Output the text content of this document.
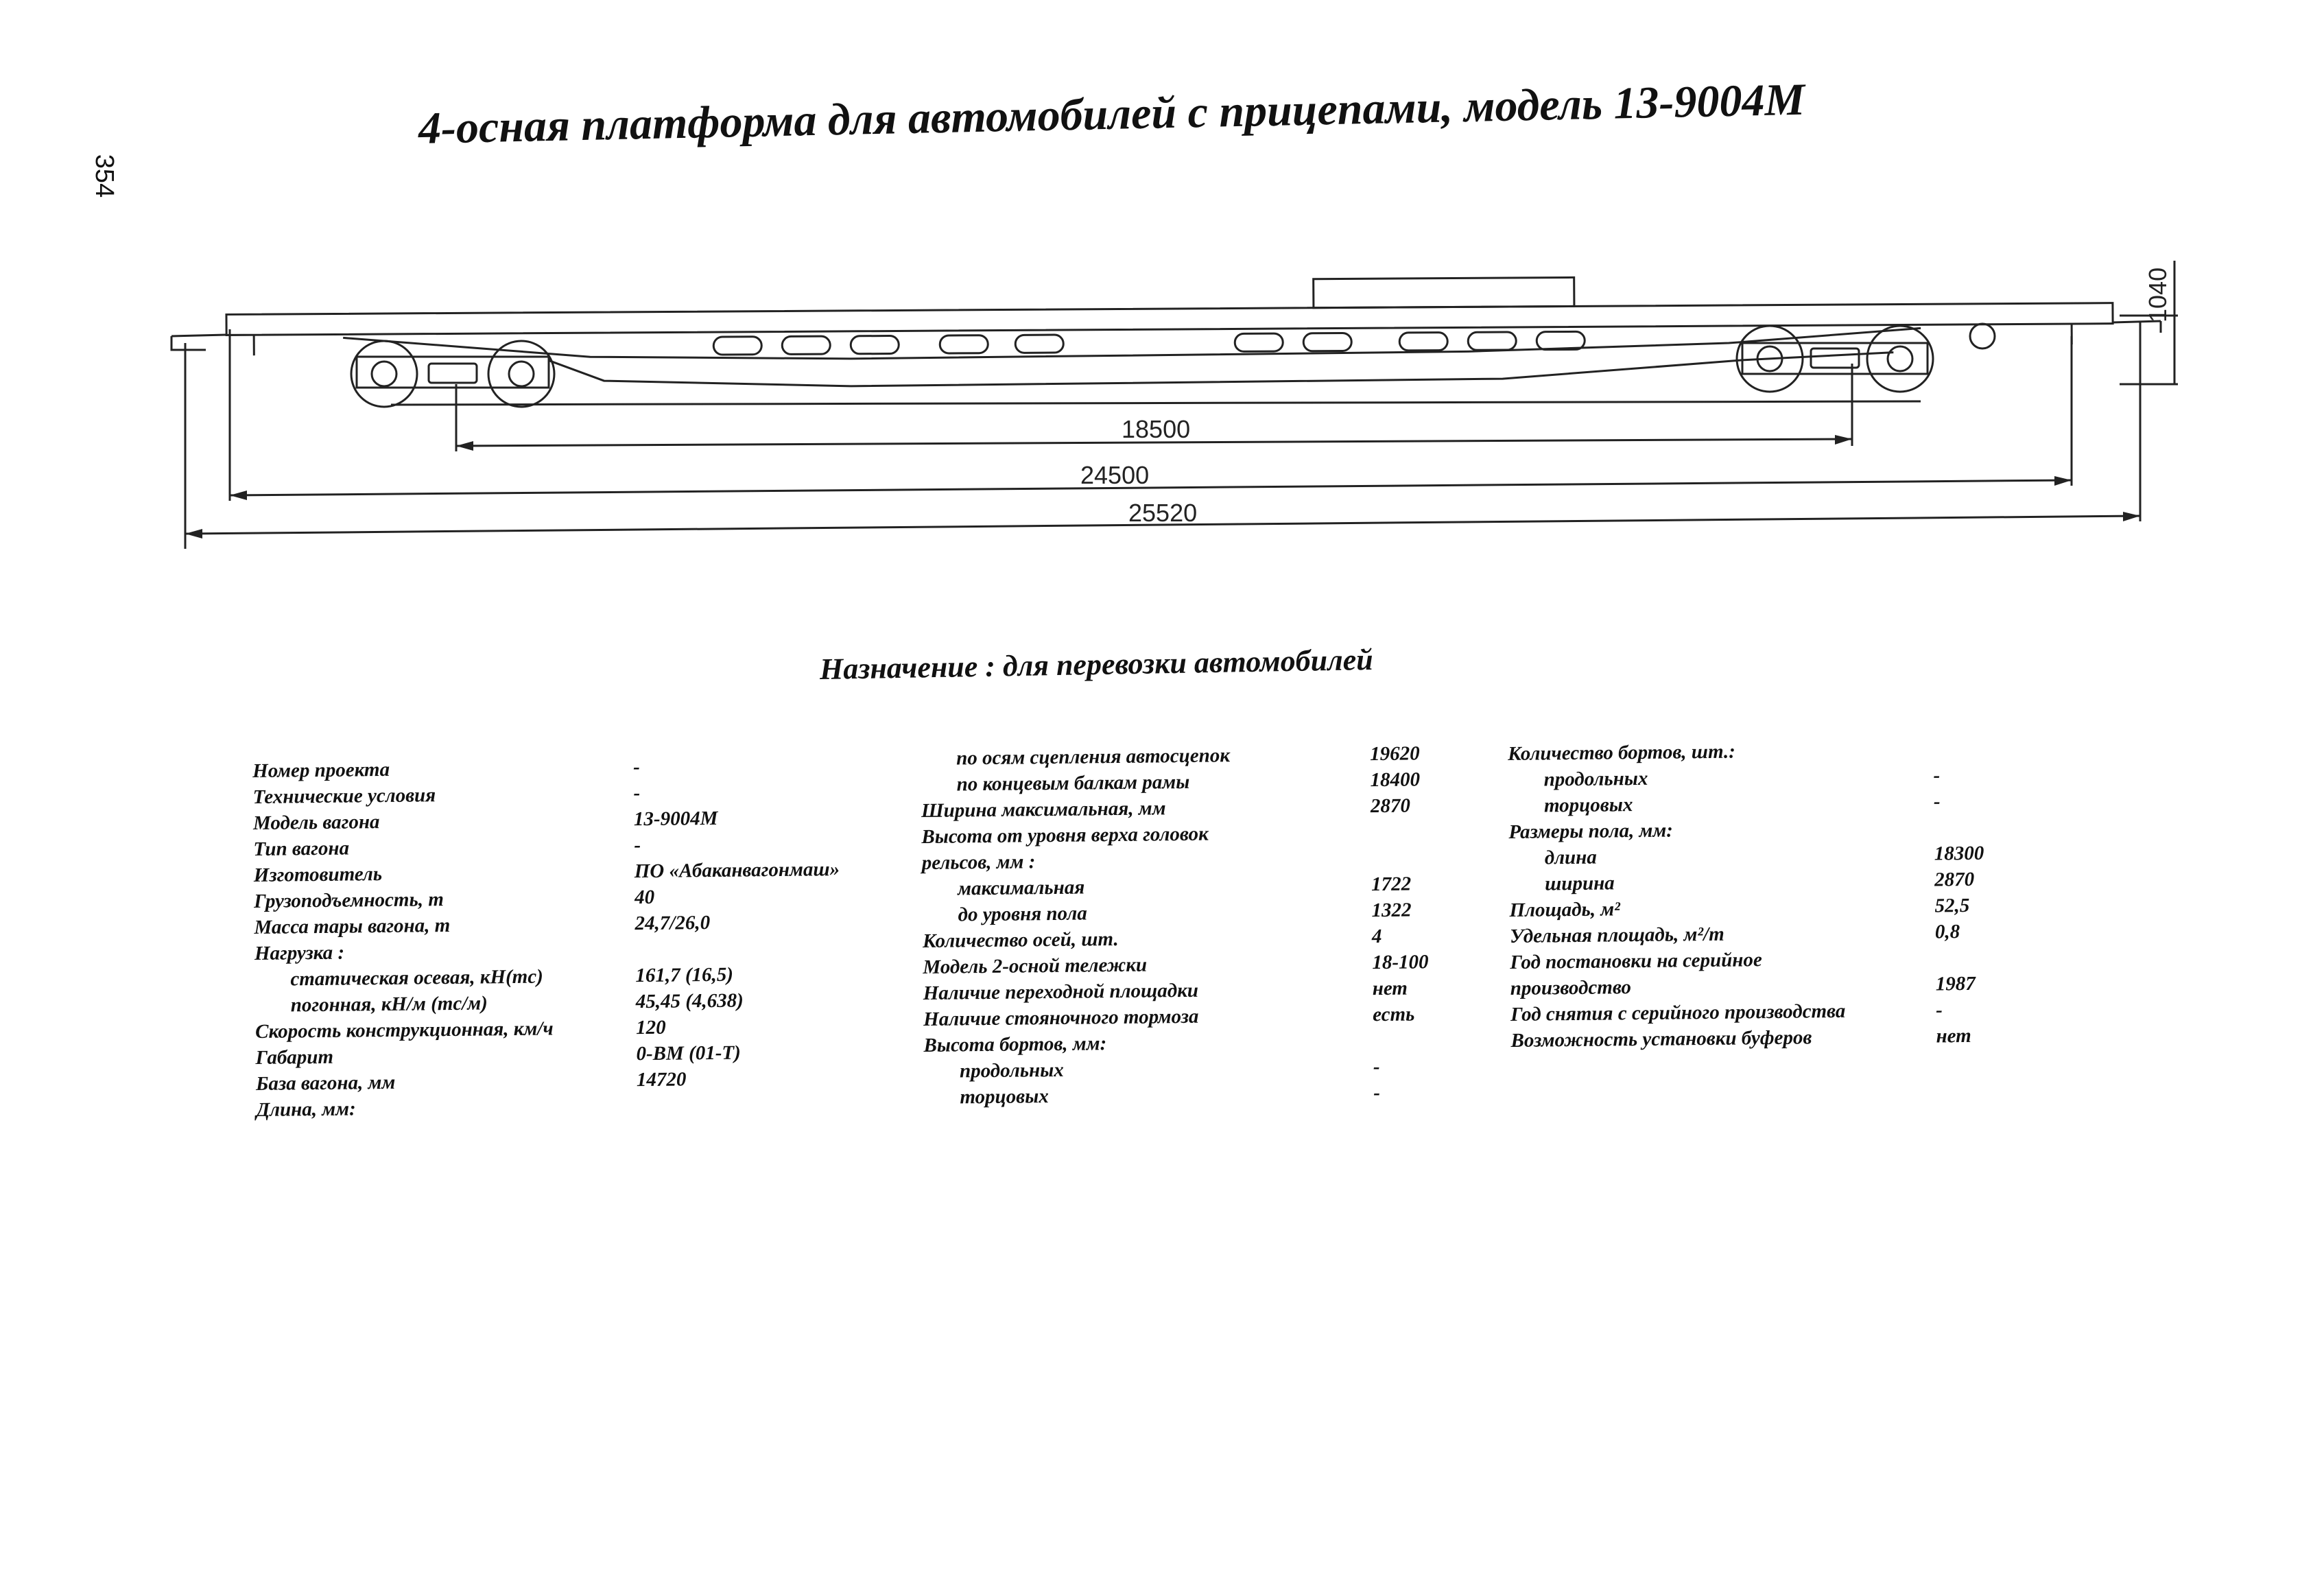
354
4-осная платформа для автомобилей с прицепами, модель 13-9004М
18500
24500
25520
1040
Назначение : для перевозки автомобилей
Номер проекта	-
Технические условия	-
Модель вагона	13-9004М
Тип вагона	-
Изготовитель	ПО «Абаканвагонмаш»
Грузоподъемность, т	40
Масса тары вагона, т	24,7/26,0
Нагрузка :
статическая осевая, кН(тс)	161,7 (16,5)
погонная, кН/м (тс/м)	45,45 (4,638)
Скорость конструкционная, км/ч	120
Габарит	0-ВМ (01-Т)
База вагона, мм	14720
Длина, мм:
по осям сцепления автосцепок	19620
по концевым балкам рамы	18400
Ширина максимальная, мм	2870
Высота от уровня верха головок
рельсов, мм :
максимальная	1722
до уровня пола	1322
Количество осей, шт.	4
Модель 2-осной тележки	18-100
Наличие переходной площадки	нет
Наличие стояночного тормоза	есть
Высота бортов, мм:
продольных	-
торцовых	-
Количество бортов, шт.:
продольных	-
торцовых	-
Размеры пола, мм:
длина	18300
ширина	2870
Площадь, м²	52,5
Удельная площадь, м²/т	0,8
Год постановки на серийное
производство	1987
Год снятия с серийного производства	-
Возможность установки буферов	нет
